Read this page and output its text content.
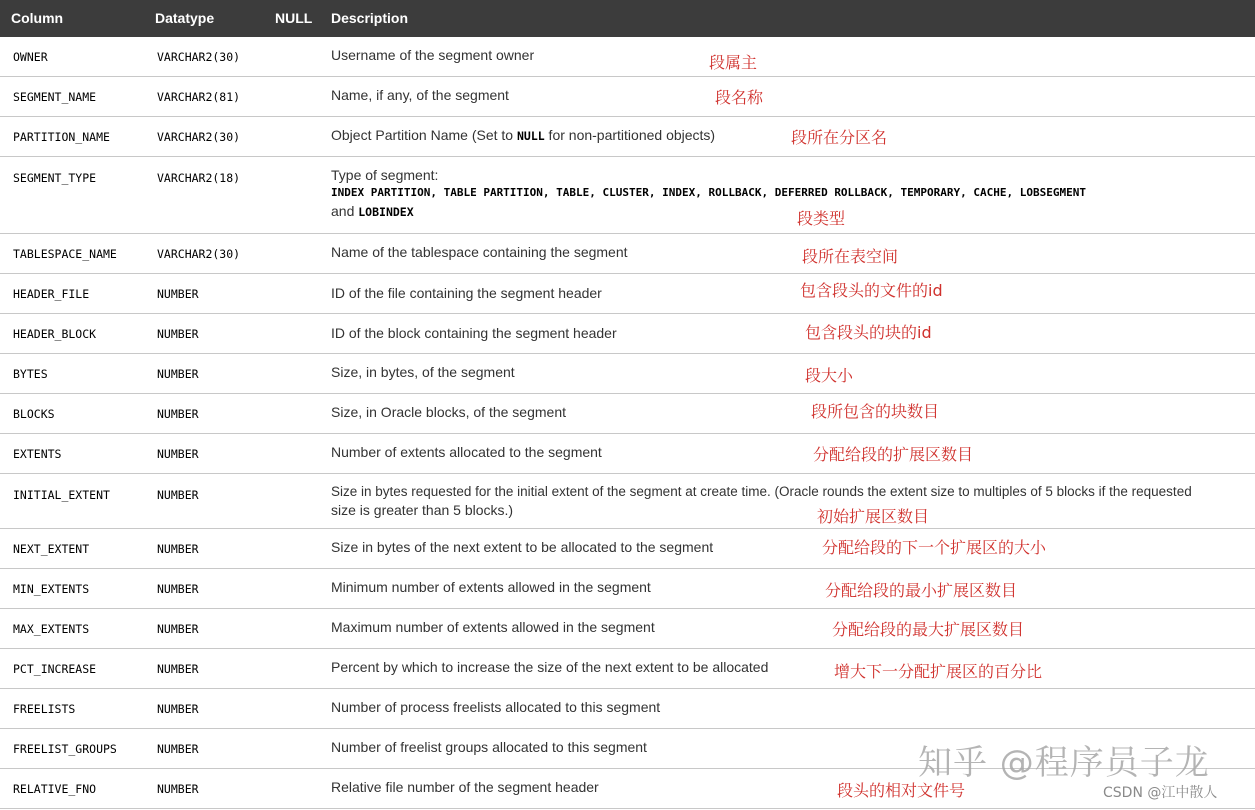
Column	Datatype	NULL Description
OWNER	VARCHAR2(30)	Username of the segment owner
SEGMENT_NAME	VARCHAR2(81)	Name, if any, of the segment
PARTITION_NAME	VARCHAR2(30)	Object Partition Name (Set to NULL for non-partitioned objects)
SEGMENT_TYPE	VARCHAR2(18)	Type of segment:
INDEX PARTITION, TABLE PARTITION, TABLE, CLUSTER, INDEX, ROLLBACK, DEFERRED ROLLBACK, TEMPORARY, CACHE, LOBSEGMENT
and LOBINDEX
TABLESPACE_NAME	VARCHAR2(30)	Name of the tablespace containing the segment
HEADER_FILE	NUMBER	ID of the file containing the segment header
HEADER_BLOCK	NUMBER	ID of the block containing the segment header
BYTES	NUMBER	Size, in bytes, of the segment
BLOCKS	NUMBER	Size, in Oracle blocks, of the segment
EXTENTS	NUMBER	Number of extents allocated to the segment
INITIAL_EXTENT	NUMBER	Size in bytes requested for the initial extent of the segment at create time. (Oracle rounds the extent size to multiples of 5 blocks if the requested
size is greater than 5 blocks.)
NEXT_EXTENT	NUMBER	Size in bytes of the next extent to be allocated to the segment
MIN_EXTENTS	NUMBER	Minimum number of extents allowed in the segment
MAX_EXTENTS	NUMBER	Maximum number of extents allowed in the segment
PCT_INCREASE	NUMBER	Percent by which to increase the size of the next extent to be allocated
FREELISTS	NUMBER	Number of process freelists allocated to this segment
FREELIST_GROUPS	NUMBER	Number of freelist groups allocated to this segment
RELATIVE_FNO	NUMBER	Relative file number of the segment header
段属主
段名称
段所在分区名
段类型
段所在表空间
包含段头的文件的id
包含段头的块的id
段大小
段所包含的块数目
分配给段的扩展区数目
初始扩展区数目
分配给段的下一个扩展区的大小
分配给段的最小扩展区数目
分配给段的最大扩展区数目
增大下一分配扩展区的百分比
段头的相对文件号
知乎 @程序员子龙
CSDN @江中散人
